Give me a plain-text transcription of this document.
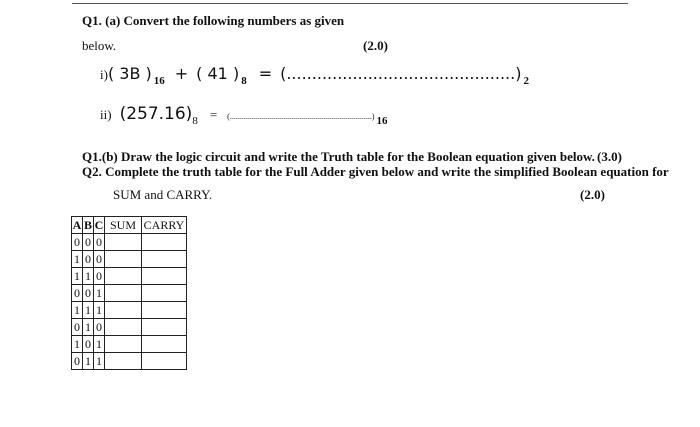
Q1. (a) Convert the following numbers as given
below.	(2.0)
i)( 3B ) $_{16}$ + ( 41 ) $_8$ = (.............................................) $_2$
ii) $(257.16)_8$ = (.......................................................................) $_{16}$
Q1.(b) Draw the logic circuit and write the Truth table for the Boolean equation given below. (3.0)
Q2. Complete the truth table for the Full Adder given below and write the simplified Boolean equation for
SUM and CARRY.	(2.0)
A	B	C	SUM	CARRY
0	0	0		
1	0	0		
1	1	0		
0	0	1		
1	1	1		
0	1	0		
1	0	1		
0	1	1		
